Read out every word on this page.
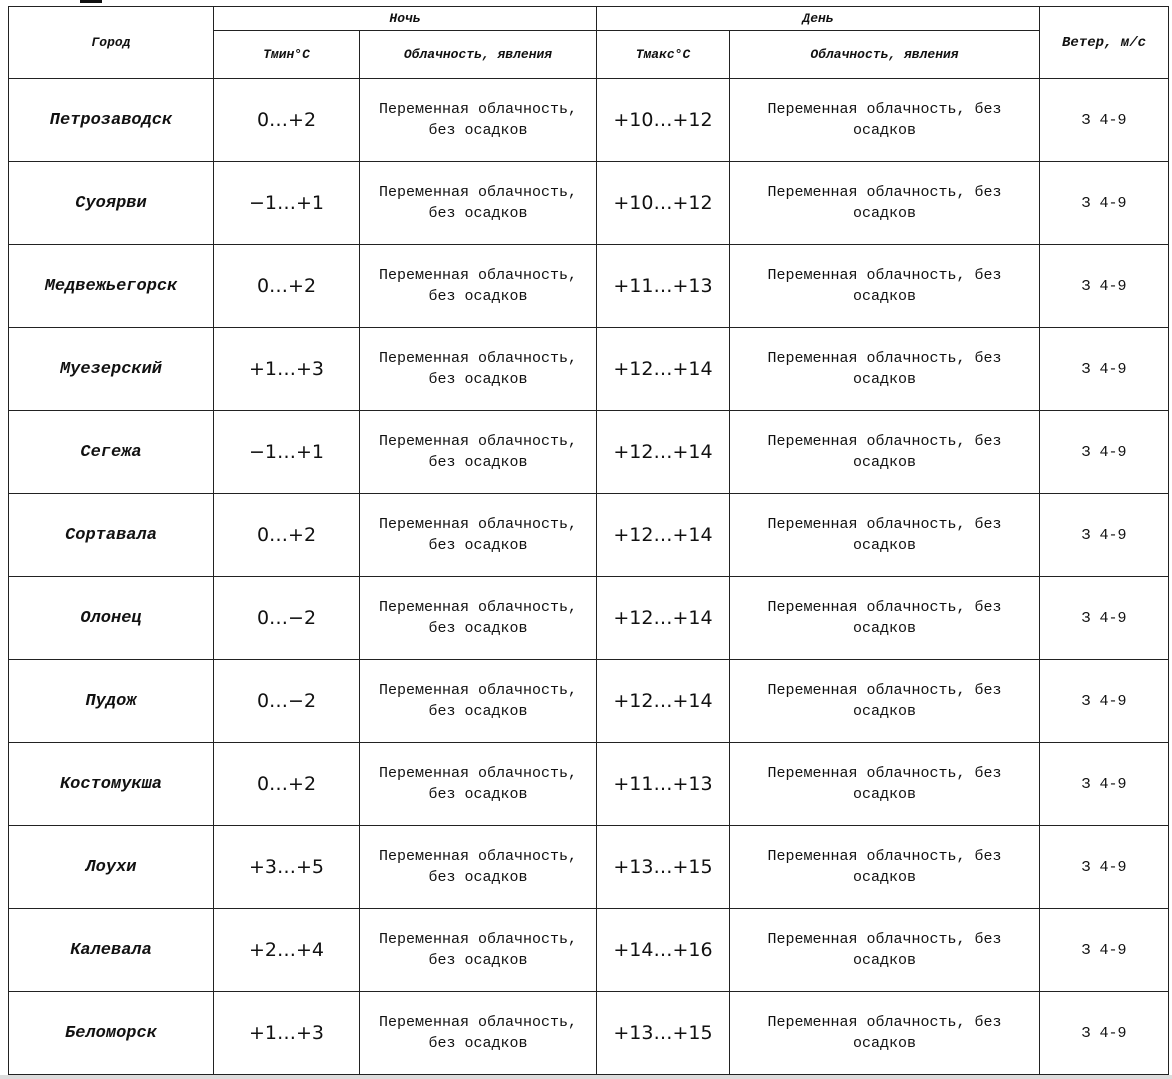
Город	Ночь		День		Ветер, м/с
	Тмин°С	Облачность, явления	Тмакс°С	Облачность, явления	
Петрозаводск	0…+2	Переменная облачность, без осадков	+10…+12	Переменная облачность, без осадков	З 4-9
Суоярви	−1…+1	Переменная облачность, без осадков	+10…+12	Переменная облачность, без осадков	З 4-9
Медвежьегорск	0…+2	Переменная облачность, без осадков	+11…+13	Переменная облачность, без осадков	З 4-9
Муезерский	+1…+3	Переменная облачность, без осадков	+12…+14	Переменная облачность, без осадков	З 4-9
Сегежа	−1…+1	Переменная облачность, без осадков	+12…+14	Переменная облачность, без осадков	З 4-9
Сортавала	0…+2	Переменная облачность, без осадков	+12…+14	Переменная облачность, без осадков	З 4-9
Олонец	0…−2	Переменная облачность, без осадков	+12…+14	Переменная облачность, без осадков	З 4-9
Пудож	0…−2	Переменная облачность, без осадков	+12…+14	Переменная облачность, без осадков	З 4-9
Костомукша	0…+2	Переменная облачность, без осадков	+11…+13	Переменная облачность, без осадков	З 4-9
Лоухи	+3…+5	Переменная облачность, без осадков	+13…+15	Переменная облачность, без осадков	З 4-9
Калевала	+2…+4	Переменная облачность, без осадков	+14…+16	Переменная облачность, без осадков	З 4-9
Беломорск	+1…+3	Переменная облачность, без осадков	+13…+15	Переменная облачность, без осадков	З 4-9
